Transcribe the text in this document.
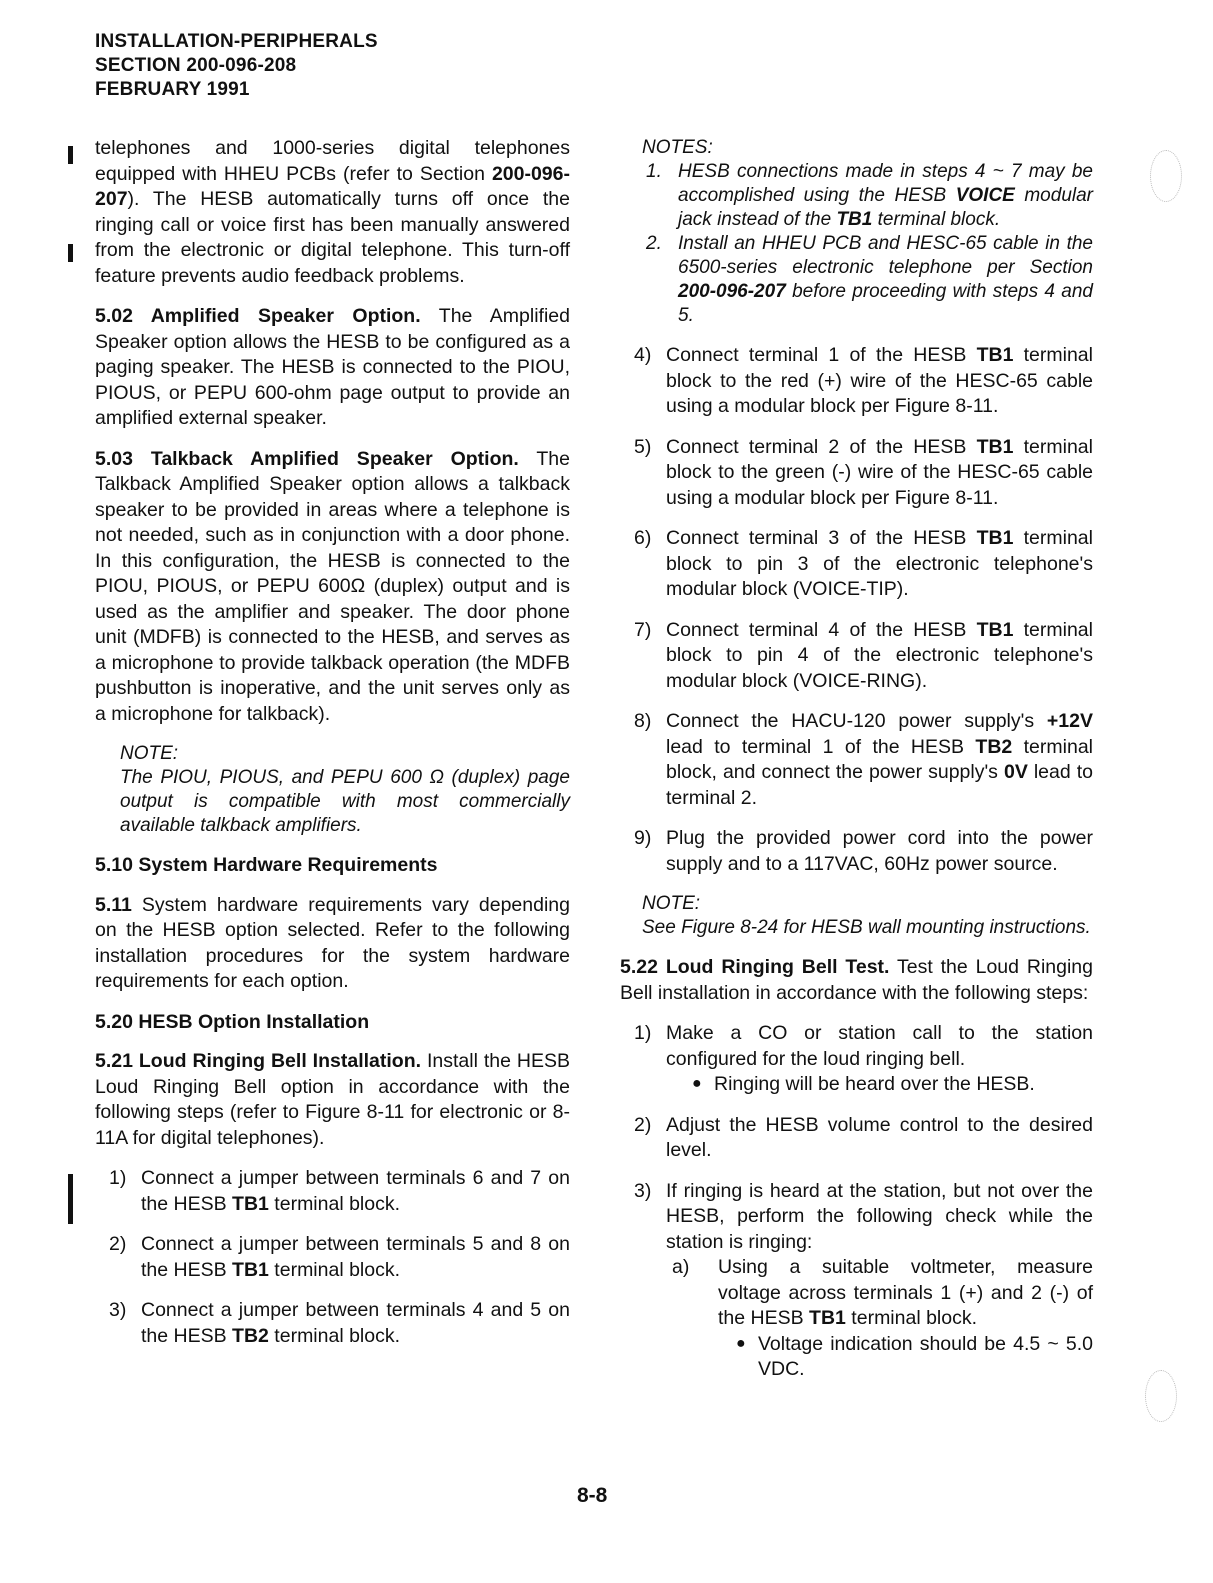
INSTALLATION-PERIPHERALS
SECTION 200-096-208
FEBRUARY 1991

telephones and 1000-series digital telephones equipped with HHEU PCBs (refer to Section 200-096-207). The HESB automatically turns off once the ringing call or voice first has been manually answered from the electronic or digital telephone. This turn-off feature prevents audio feedback problems.

5.02 Amplified Speaker Option. The Amplified Speaker option allows the HESB to be configured as a paging speaker. The HESB is connected to the PIOU, PIOUS, or PEPU 600-ohm page output to provide an amplified external speaker.

5.03 Talkback Amplified Speaker Option. The Talkback Amplified Speaker option allows a talkback speaker to be provided in areas where a telephone is not needed, such as in conjunction with a door phone. In this configuration, the HESB is connected to the PIOU, PIOUS, or PEPU 600Ω (duplex) output and is used as the amplifier and speaker. The door phone unit (MDFB) is connected to the HESB, and serves as a microphone to provide talkback operation (the MDFB pushbutton is inoperative, and the unit serves only as a microphone for talkback).

NOTE:
The PIOU, PIOUS, and PEPU 600 Ω (duplex) page output is compatible with most commercially available talkback amplifiers.
5.10 System Hardware Requirements

5.11 System hardware requirements vary depending on the HESB option selected. Refer to the following installation procedures for the system hardware requirements for each option.

5.20 HESB Option Installation

5.21 Loud Ringing Bell Installation. Install the HESB Loud Ringing Bell option in accordance with the following steps (refer to Figure 8-11 for electronic or 8-11A for digital telephones).

1) Connect a jumper between terminals 6 and 7 on the HESB TB1 terminal block.
2) Connect a jumper between terminals 5 and 8 on the HESB TB1 terminal block.
3) Connect a jumper between terminals 4 and 5 on the HESB TB2 terminal block.
NOTES:
1. HESB connections made in steps 4 ~ 7 may be accomplished using the HESB VOICE modular jack instead of the TB1 terminal block.
2. Install an HHEU PCB and HESC-65 cable in the 6500-series electronic telephone per Section 200-096-207 before proceeding with steps 4 and 5.
4) Connect terminal 1 of the HESB TB1 terminal block to the red (+) wire of the HESC-65 cable using a modular block per Figure 8-11.
5) Connect terminal 2 of the HESB TB1 terminal block to the green (-) wire of the HESC-65 cable using a modular block per Figure 8-11.
6) Connect terminal 3 of the HESB TB1 terminal block to pin 3 of the electronic telephone's modular block (VOICE-TIP).
7) Connect terminal 4 of the HESB TB1 terminal block to pin 4 of the electronic telephone's modular block (VOICE-RING).
8) Connect the HACU-120 power supply's +12V lead to terminal 1 of the HESB TB2 terminal block, and connect the power supply's 0V lead to terminal 2.
9) Plug the provided power cord into the power supply and to a 117VAC, 60Hz power source.
NOTE:
See Figure 8-24 for HESB wall mounting instructions.

5.22 Loud Ringing Bell Test. Test the Loud Ringing Bell installation in accordance with the following steps:

1) Make a CO or station call to the station configured for the loud ringing bell.
● Ringing will be heard over the HESB.
2) Adjust the HESB volume control to the desired level.
3) If ringing is heard at the station, but not over the HESB, perform the following check while the station is ringing:
a) Using a suitable voltmeter, measure voltage across terminals 1 (+) and 2 (-) of the HESB TB1 terminal block.
● Voltage indication should be 4.5 ~ 5.0 VDC.
8-8
